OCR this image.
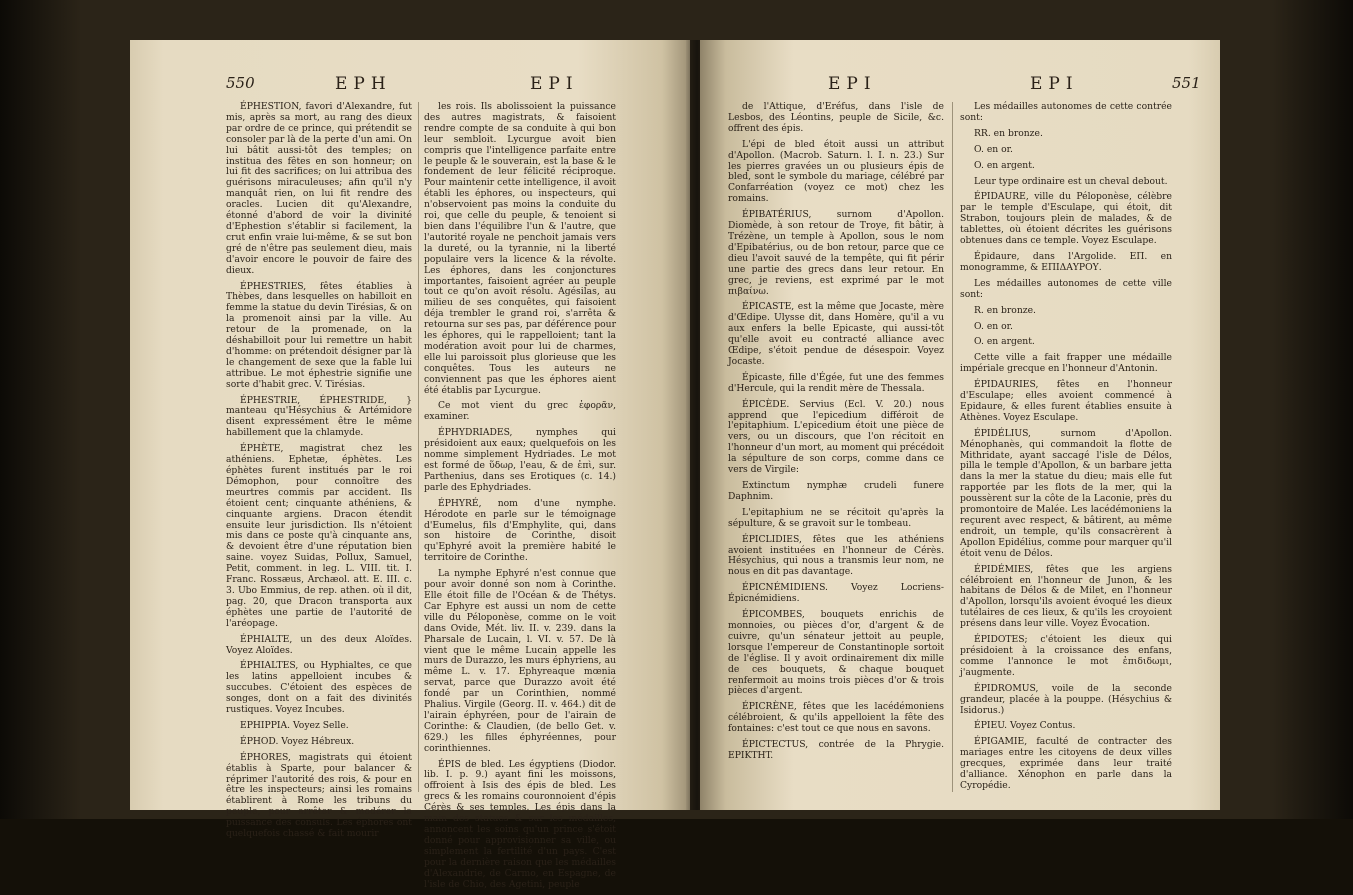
550	EPH	EPI

ÉPHESTION, favori d'Alexandre, fut mis, après sa mort, au rang des dieux par ordre de ce prince, qui prétendit se consoler par là de la perte d'un ami. On lui bâtit aussi-tôt des temples; on institua des fêtes en son honneur; on lui fit des sacrifices; on lui attribua des guérisons miraculeuses; afin qu'il n'y manquât rien, on lui fit rendre des oracles. Lucien dit qu'Alexandre, étonné d'abord de voir la divinité d'Ephestion s'établir si facilement, la crut enfin vraie lui-même, & se sut bon gré de n'être pas seulement dieu, mais d'avoir encore le pouvoir de faire des dieux.

ÉPHESTRIES, fêtes établies à Thèbes, dans lesquelles on habilloit en femme la statue du devin Tirésias, & on la promenoit ainsi par la ville. Au retour de la promenade, on la déshabilloit pour lui remettre un habit d'homme: on prétendoit désigner par là le changement de sexe que la fable lui attribue. Le mot éphestrie signifie une sorte d'habit grec. V. Tirésias.

ÉPHESTRIE, ÉPHESTRIDE, } manteau qu'Hésychius & Artémidore disent expressément être le même habillement que la chlamyde.

ÉPHÈTE, magistrat chez les athéniens. Ephetæ, éphètes. Les éphètes furent institués par le roi Démophon, pour connoître des meurtres commis par accident. Ils étoient cent; cinquante athéniens, & cinquante argiens. Dracon étendit ensuite leur jurisdiction. Ils n'étoient mis dans ce poste qu'à cinquante ans, & devoient être d'une réputation bien saine. voyez Suidas, Pollux, Samuel, Petit, comment. in leg. L. VIII. tit. I. Franc. Rossæus, Archæol. att. E. III. c. 3. Ubo Emmius, de rep. athen. où il dit, pag. 20, que Dracon transporta aux éphètes une partie de l'autorité de l'aréopage.

ÉPHIALTE, un des deux Aloïdes. Voyez Aloïdes.

ÉPHIALTES, ou Hyphialtes, ce que les latins appelloient incubes & succubes. C'étoient des espèces de songes, dont on a fait des divinités rustiques. Voyez Incubes.

EPHIPPIA. Voyez Selle.

ÉPHOD. Voyez Hébreux.

ÉPHORES, magistrats qui étoient établis à Sparte, pour balancer & réprimer l'autorité des rois, & pour en être les inspecteurs; ainsi les romains établirent à Rome les tribuns du peuple, pour arrêter & modérer la puissance des consuls. Les éphores ont quelquefois chassé & fait mourir

les rois. Ils abolissoient la puissance des autres magistrats, & faisoient rendre compte de sa conduite à qui bon leur sembloit. Lycurgue avoit bien compris que l'intelligence parfaite entre le peuple & le souverain, est la base & le fondement de leur félicité réciproque. Pour maintenir cette intelligence, il avoit établi les éphores, ou inspecteurs, qui n'observoient pas moins la conduite du roi, que celle du peuple, & tenoient si bien dans l'équilibre l'un & l'autre, que l'autorité royale ne penchoit jamais vers la dureté, ou la tyrannie, ni la liberté populaire vers la licence & la révolte. Les éphores, dans les conjonctures importantes, faisoient agréer au peuple tout ce qu'on avoit résolu. Agésilas, au milieu de ses conquêtes, qui faisoient déja trembler le grand roi, s'arrêta & retourna sur ses pas, par déférence pour les éphores, qui le rappelloient; tant la modération avoit pour lui de charmes, elle lui paroissoit plus glorieuse que les conquêtes. Tous les auteurs ne conviennent pas que les éphores aient été établis par Lycurgue.

Ce mot vient du grec ἐφορᾶν, examiner.

ÉPHYDRIADES, nymphes qui présidoient aux eaux; quelquefois on les nomme simplement Hydriades. Le mot est formé de ὕδωρ, l'eau, & de ἐπὶ, sur. Parthenius, dans ses Erotiques (c. 14.) parle des Ephydriades.

ÉPHYRÉ, nom d'une nymphe. Hérodote en parle sur le témoignage d'Eumelus, fils d'Emphylite, qui, dans son histoire de Corinthe, disoit qu'Ephyré avoit la première habité le territoire de Corinthe.

La nymphe Ephyré n'est connue que pour avoir donné son nom à Corinthe. Elle étoit fille de l'Océan & de Thétys. Car Ephyre est aussi un nom de cette ville du Péloponèse, comme on le voit dans Ovide, Mét. liv. II. v. 239. dans la Pharsale de Lucain, l. VI. v. 57. De là vient que le même Lucain appelle les murs de Durazzo, les murs éphyriens, au même L. v. 17. Ephyreaque mœnia servat, parce que Durazzo avoit été fondé par un Corinthien, nommé Phalius. Virgile (Georg. II. v. 464.) dit de l'airain éphyréen, pour de l'airain de Corinthe: & Claudien, (de bello Get. v. 629.) les filles éphyréennes, pour corinthiennes.

ÉPIS de bled. Les égyptiens (Diodor. lib. I. p. 9.) ayant fini les moissons, offroient à Isis des épis de bled. Les grecs & les romains couronnoient d'épis Cérès & ses temples. Les épis dans la main des statues & sur les médailles, annoncent les soins qu'un prince s'étoit donné pour approvisionner sa ville, ou simplement la fertilité d'un pays. C'est pour la dernière raison que les médailles d'Alexandrie, de Carmo, en Espagne, de l'isle de Chio, des Agetini, peuple

EPI	EPI	551

de l'Attique, d'Eréfus, dans l'isle de Lesbos, des Léontins, peuple de Sicile, &c. offrent des épis.

L'épi de bled étoit aussi un attribut d'Apollon. (Macrob. Saturn. l. I. n. 23.) Sur les pierres gravées un ou plusieurs épis de bled, sont le symbole du mariage, célébré par Confarréation (voyez ce mot) chez les romains.

ÉPIBATÉRIUS, surnom d'Apollon. Diomède, à son retour de Troye, fit bâtir, à Trézène, un temple à Apollon, sous le nom d'Epibatérius, ou de bon retour, parce que ce dieu l'avoit sauvé de la tempête, qui fit périr une partie des grecs dans leur retour. En grec, je reviens, est exprimé par le mot πιβαίνω.

ÉPICASTE, est la même que Jocaste, mère d'Œdipe. Ulysse dit, dans Homère, qu'il a vu aux enfers la belle Epicaste, qui aussi-tôt qu'elle avoit eu contracté alliance avec Œdipe, s'étoit pendue de désespoir. Voyez Jocaste.

Épicaste, fille d'Égée, fut une des femmes d'Hercule, qui la rendit mère de Thessala.

ÉPICÈDE. Servius (Ecl. V. 20.) nous apprend que l'epicedium différoit de l'epitaphium. L'epicedium étoit une pièce de vers, ou un discours, que l'on récitoit en l'honneur d'un mort, au moment qui précédoit la sépulture de son corps, comme dans ce vers de Virgile:

Extinctum nymphæ crudeli funere Daphnim.

L'epitaphium ne se récitoit qu'après la sépulture, & se gravoit sur le tombeau.

ÉPICLIDIES, fêtes que les athéniens avoient instituées en l'honneur de Cérès. Hésychius, qui nous a transmis leur nom, ne nous en dit pas davantage.

ÉPICNÉMIDIENS. Voyez Locriens-Épicnémidiens.

ÉPICOMBES, bouquets enrichis de monnoies, ou pièces d'or, d'argent & de cuivre, qu'un sénateur jettoit au peuple, lorsque l'empereur de Constantinople sortoit de l'église. Il y avoit ordinairement dix mille de ces bouquets, & chaque bouquet renfermoit au moins trois pièces d'or & trois pièces d'argent.

ÉPICRÈNE, fêtes que les lacédémoniens célébroient, & qu'ils appelloient la fête des fontaines: c'est tout ce que nous en savons.

ÉPICTECTUS, contrée de la Phrygie. EPIKTHT.

Les médailles autonomes de cette contrée sont:

RR. en bronze.

O. en or.

O. en argent.

Leur type ordinaire est un cheval debout.

ÉPIDAURE, ville du Péloponèse, célèbre par le temple d'Esculape, qui étoit, dit Strabon, toujours plein de malades, & de tablettes, où étoient décrites les guérisons obtenues dans ce temple. Voyez Esculape.

Épidaure, dans l'Argolide. EΠ. en monogramme, & ΕΠΙΔΑΥΡΟΥ.

Les médailles autonomes de cette ville sont:

R. en bronze.

O. en or.

O. en argent.

Cette ville a fait frapper une médaille impériale grecque en l'honneur d'Antonin.

ÉPIDAURIES, fêtes en l'honneur d'Esculape; elles avoient commencé à Epidaure, & elles furent établies ensuite à Athènes. Voyez Esculape.

ÉPIDÉLIUS, surnom d'Apollon. Ménophanès, qui commandoit la flotte de Mithridate, ayant saccagé l'isle de Délos, pilla le temple d'Apollon, & un barbare jetta dans la mer la statue du dieu; mais elle fut rapportée par les flots de la mer, qui la poussèrent sur la côte de la Laconie, près du promontoire de Malée. Les lacédémoniens la reçurent avec respect, & bâtirent, au même endroit, un temple, qu'ils consacrèrent à Apollon Epidélius, comme pour marquer qu'il étoit venu de Délos.

ÉPIDÉMIES, fêtes que les argiens célébroient en l'honneur de Junon, & les habitans de Délos & de Milet, en l'honneur d'Apollon, lorsqu'ils avoient évoqué les dieux tutélaires de ces lieux, & qu'ils les croyoient présens dans leur ville. Voyez Évocation.

ÉPIDOTES; c'étoient les dieux qui présidoient à la croissance des enfans, comme l'annonce le mot ἐπιδιδωμι, j'augmente.

ÉPIDROMUS, voile de la seconde grandeur, placée à la pouppe. (Hésychius & Isidorus.)

ÉPIEU. Voyez Contus.

ÉPIGAMIE, faculté de contracter des mariages entre les citoyens de deux villes grecques, exprimée dans leur traité d'alliance. Xénophon en parle dans la Cyropédie.
